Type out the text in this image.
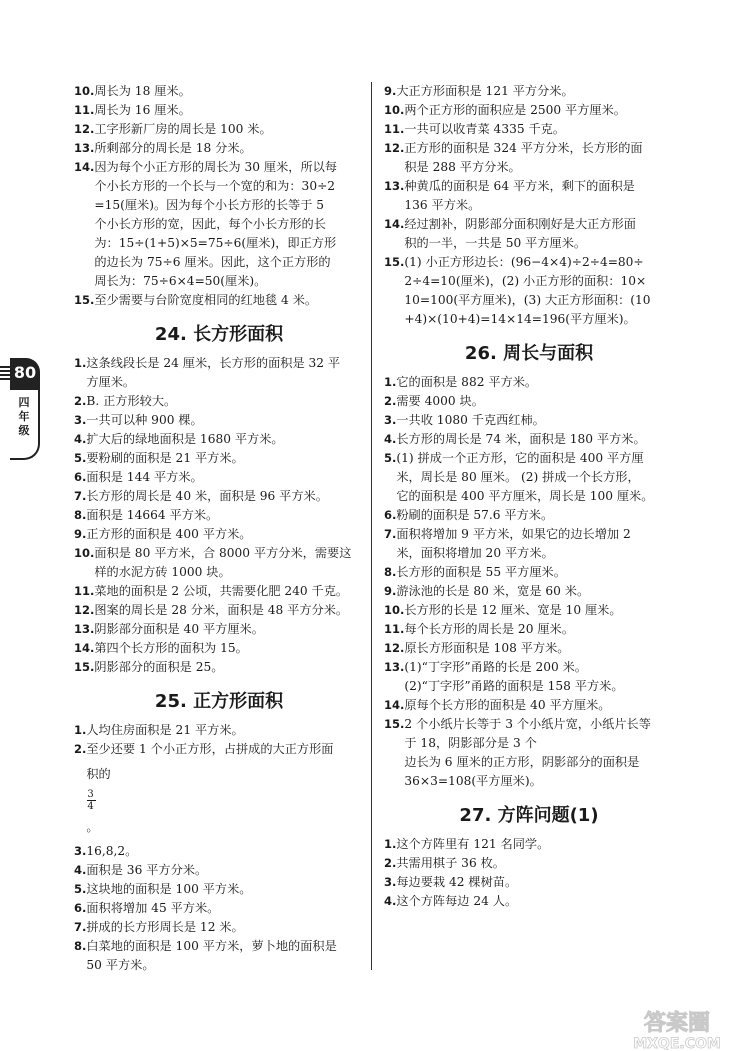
80
四
年
级
10. 周长为 18 厘米。
11. 周长为 16 厘米。
12. 工字形新厂房的周长是 100 米。
13. 所剩部分的周长是 18 分米。
14. 因为每个小正方形的周长为 30 厘米，所以每
个小长方形的一个长与一个宽的和为：30÷2
=15(厘米)。因为每个小长方形的长等于 5
个小长方形的宽，因此，每个小长方形的长
为：15÷(1+5)×5=75÷6(厘米)，即正方形
的边长为 75÷6 厘米。因此，这个正方形的
周长为：75÷6×4=50(厘米)。
15. 至少需要与台阶宽度相同的红地毯 4 米。
24. 长方形面积
1. 这条线段长是 24 厘米，长方形的面积是 32 平
方厘米。
2. B. 正方形较大。
3. 一共可以种 900 棵。
4. 扩大后的绿地面积是 1680 平方米。
5. 要粉刷的面积是 21 平方米。
6. 面积是 144 平方米。
7. 长方形的周长是 40 米，面积是 96 平方米。
8. 面积是 14664 平方米。
9. 正方形的面积是 400 平方米。
10. 面积是 80 平方米，合 8000 平方分米，需要这
样的水泥方砖 1000 块。
11. 菜地的面积是 2 公顷，共需要化肥 240 千克。
12. 图案的周长是 28 分米，面积是 48 平方分米。
13. 阴影部分面积是 40 平方厘米。
14. 第四个长方形的面积为 15。
15. 阴影部分的面积是 25。
25. 正方形面积
1. 人均住房面积是 21 平方米。
2. 至少还要 1 个小正方形，占拼成的大正方形面
积的
3
4
。
3. 16,8,2。
4. 面积是 36 平方分米。
5. 这块地的面积是 100 平方米。
6. 面积将增加 45 平方米。
7. 拼成的长方形周长是 12 米。
8. 白菜地的面积是 100 平方米，萝卜地的面积是
50 平方米。
9. 大正方形面积是 121 平方分米。
10. 两个正方形的面积应是 2500 平方厘米。
11. 一共可以收青菜 4335 千克。
12. 正方形的面积是 324 平方分米，长方形的面
积是 288 平方分米。
13. 种黄瓜的面积是 64 平方米，剩下的面积是
136 平方米。
14. 经过割补，阴影部分面积刚好是大正方形面
积的一半，一共是 50 平方厘米。
15. (1) 小正方形边长：(96−4×4)÷2÷4=80÷
2÷4=10(厘米)，(2) 小正方形的面积：10×
10=100(平方厘米)，(3) 大正方形面积：(10
+4)×(10+4)=14×14=196(平方厘米)。
26. 周长与面积
1. 它的面积是 882 平方米。
2. 需要 4000 块。
3. 一共收 1080 千克西红柿。
4. 长方形的周长是 74 米，面积是 180 平方米。
5. (1) 拼成一个正方形，它的面积是 400 平方厘
米，周长是 80 厘米。 (2) 拼成一个长方形，
它的面积是 400 平方厘米，周长是 100 厘米。
6. 粉刷的面积是 57.6 平方米。
7. 面积将增加 9 平方米，如果它的边长增加 2
米，面积将增加 20 平方米。
8. 长方形的面积是 55 平方厘米。
9. 游泳池的长是 80 米，宽是 60 米。
10. 长方形的长是 12 厘米、宽是 10 厘米。
11. 每个长方形的周长是 20 厘米。
12. 原长方形面积是 108 平方米。
13. (1)“丁字形”甬路的长是 200 米。
(2)“丁字形”甬路的面积是 158 平方米。
14. 原每个长方形的面积是 40 平方厘米。
15. 2 个小纸片长等于 3 个小纸片宽，小纸片长等
于 18，阴影部分是 3 个
边长为 6 厘米的正方形，阴影部分的面积是
36×3=108(平方厘米)。
27. 方阵问题(1)
1. 这个方阵里有 121 名同学。
2. 共需用棋子 36 枚。
3. 每边要栽 42 棵树苗。
4. 这个方阵每边 24 人。
答案圈
MXQE.COM
